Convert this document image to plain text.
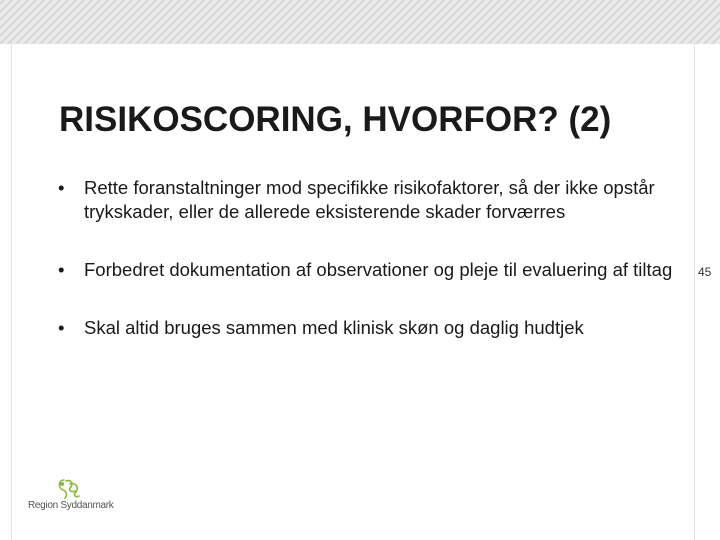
RISIKOSCORING, HVORFOR? (2)
•	Rette foranstaltninger mod specifikke risikofaktorer, så der ikke opstår trykskader, eller de allerede eksisterende skader forværres
•	Forbedret dokumentation af observationer og pleje til evaluering af tiltag
•	Skal altid bruges sammen med klinisk skøn og daglig hudtjek
45
Region Syddanmark
